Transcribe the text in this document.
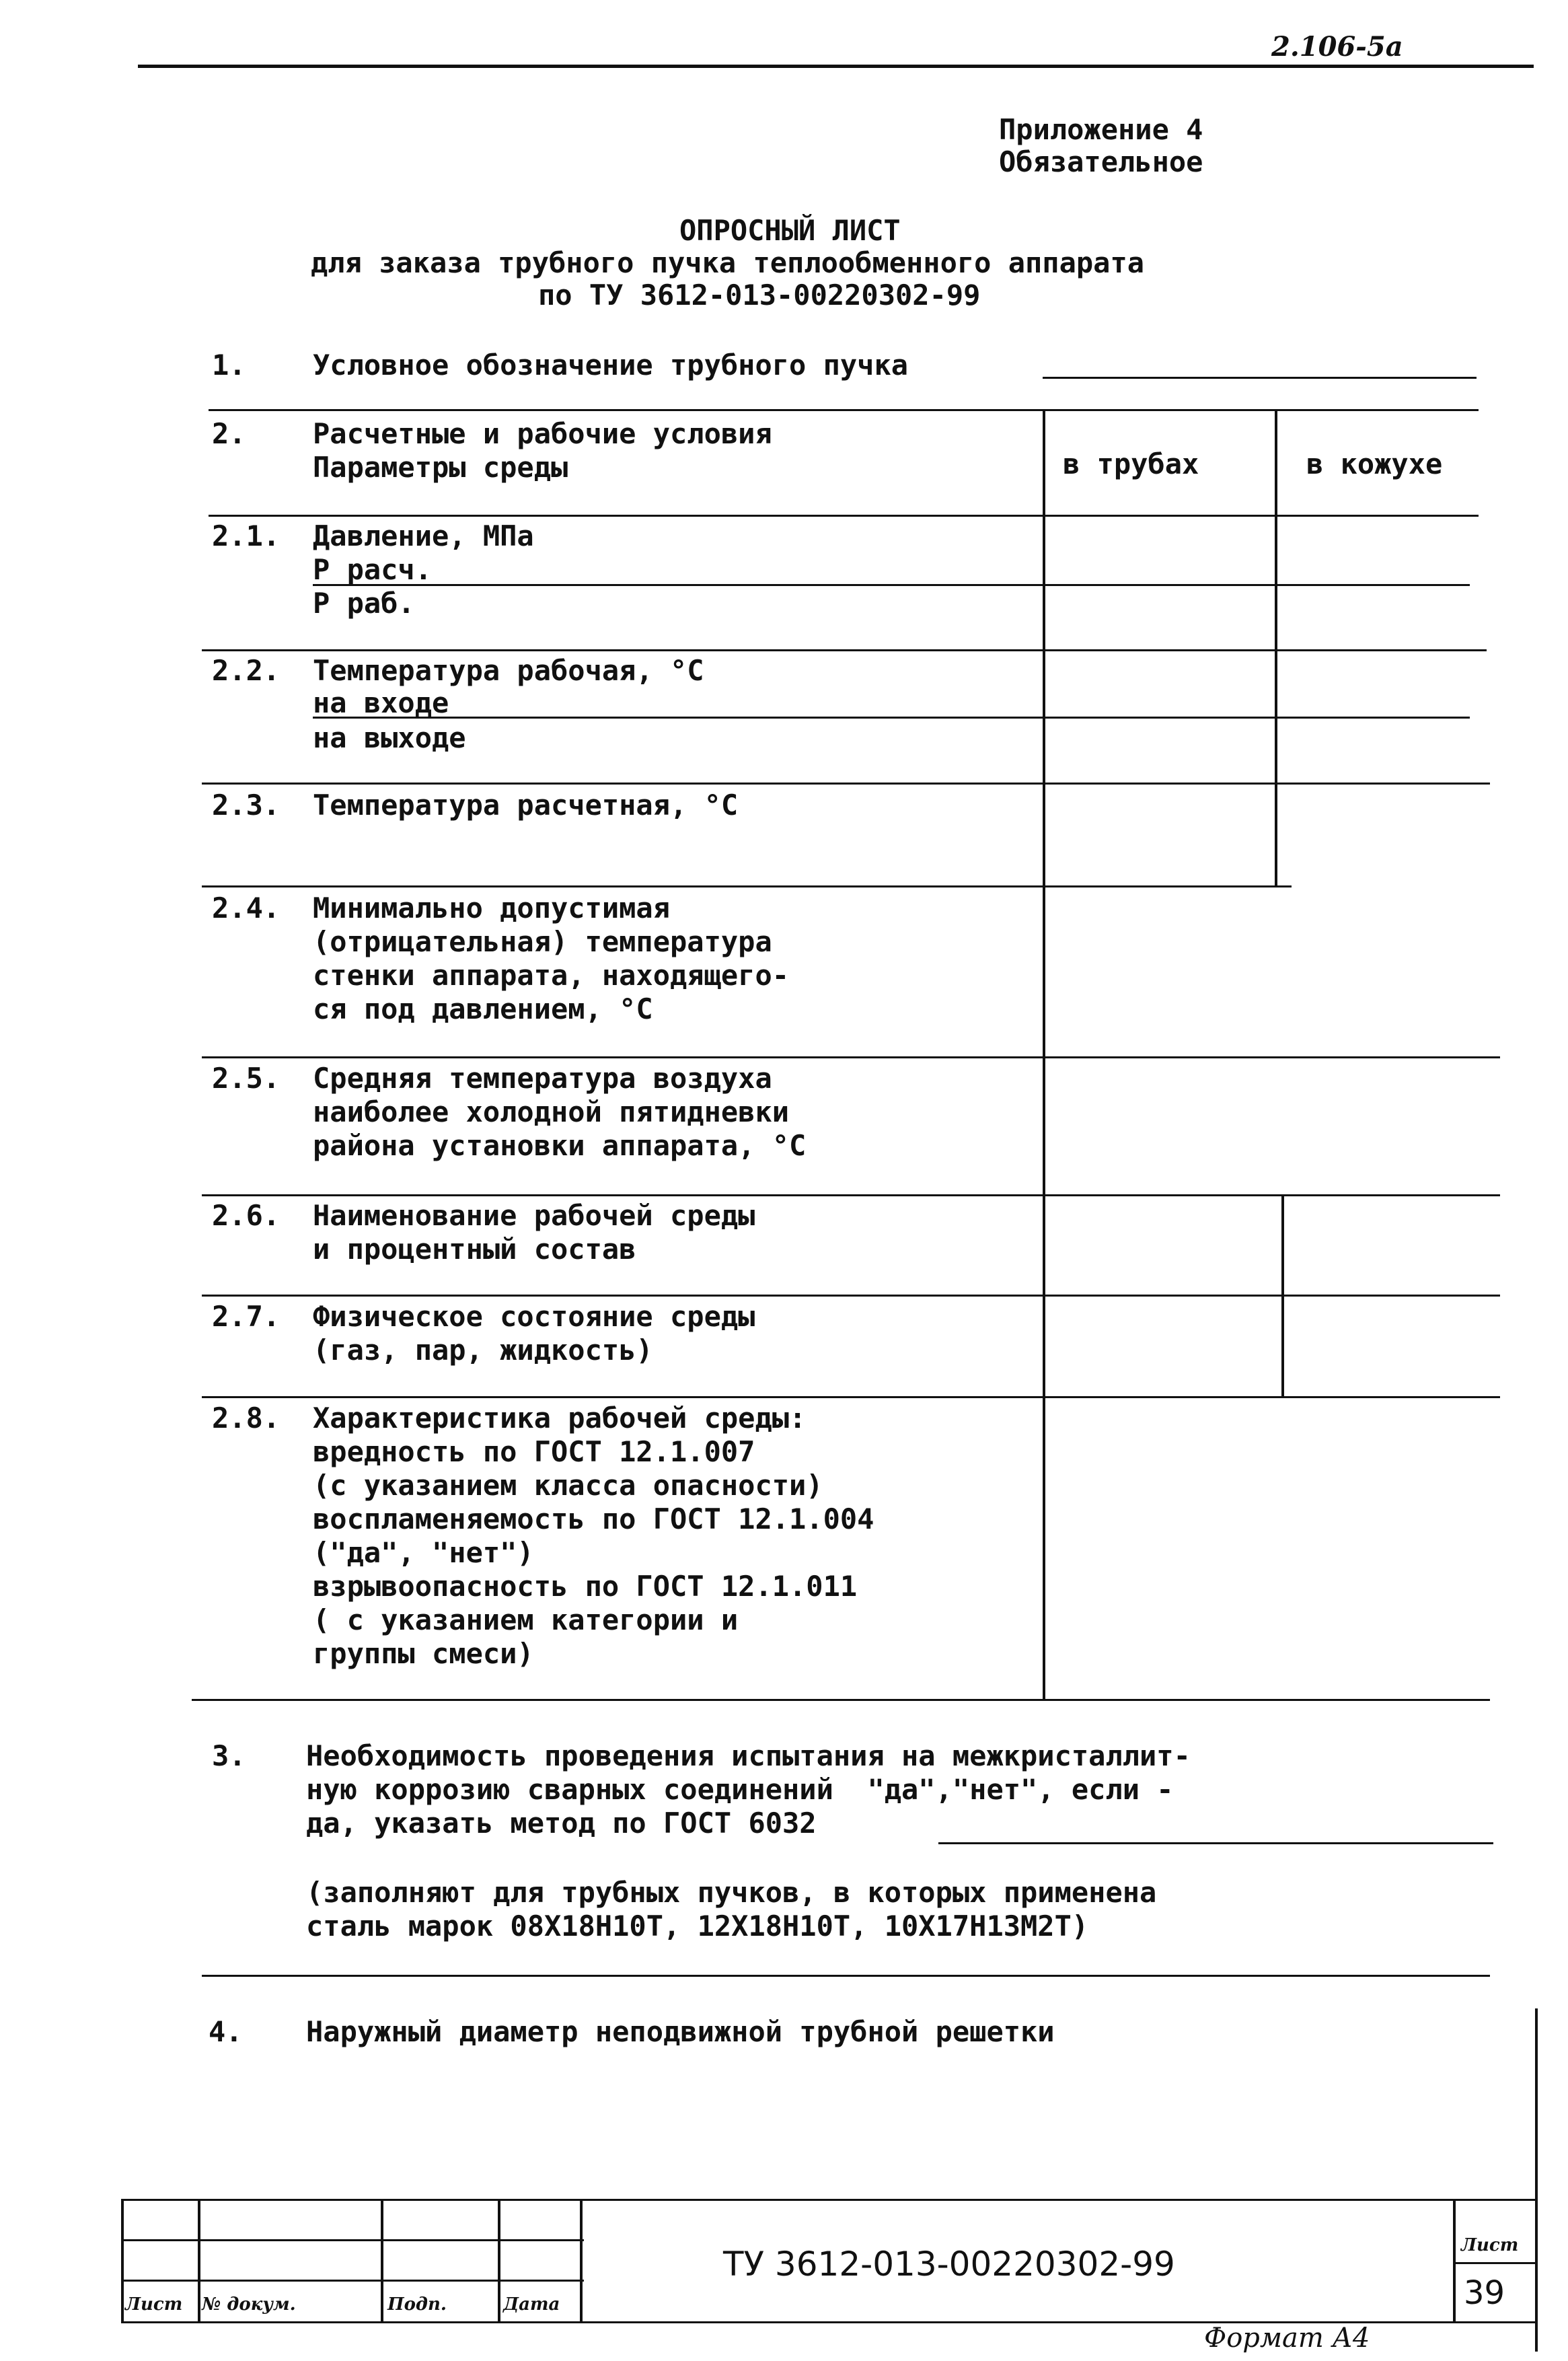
2.106-5а
Приложение 4
Обязательное
ОПРОСНЫЙ ЛИСТ
для заказа трубного пучка теплообменного аппарата
по ТУ 3612-013-00220302-99
1. Условное обозначение трубного пучка
2. Расчетные и рабочие условия
Параметры среды	в трубах	в кожухе
2.1. Давление, МПа
Р расч.
Р раб.
2.2. Температура рабочая, °С
на входе
на выходе
2.3. Температура расчетная, °С
2.4. Минимально допустимая
(отрицательная) температура
стенки аппарата, находящего-
ся под давлением, °С
2.5. Средняя температура воздуха
наиболее холодной пятидневки
района установки аппарата, °С
2.6. Наименование рабочей среды
и процентный состав
2.7. Физическое состояние среды
(газ, пар, жидкость)
2.8. Характеристика рабочей среды:
вредность по ГОСТ 12.1.007
(с указанием класса опасности)
воспламеняемость по ГОСТ 12.1.004
("да", "нет")
взрывоопасность по ГОСТ 12.1.011
( с указанием категории и
группы смеси)
3. Необходимость проведения испытания на межкристаллит-
ную коррозию сварных соединений  "да","нет", если -
да, указать метод по ГОСТ 6032
(заполняют для трубных пучков, в которых применена
сталь марок 08Х18Н10Т, 12Х18Н10Т, 10Х17Н13М2Т)
4. Наружный диаметр неподвижной трубной решетки
Лист № докум.	Подп.	Дата
ТУ 3612-013-00220302-99	Лист
39
Формат А4
